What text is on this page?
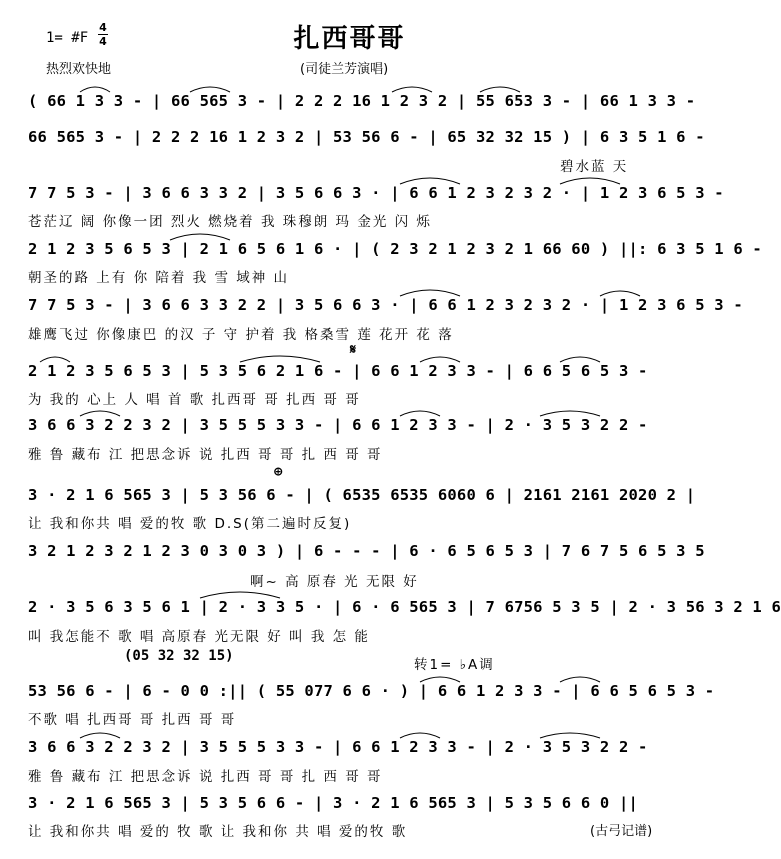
扎西哥哥
(司徒兰芳演唱)
1= #F
4
4
热烈欢快地
( 66 1 3 3 - | 66 565 3 - | 2 2 2 16 1 2 3 2 | 55 653 3 - | 66 1 3 3 -
66 565 3 - | 2 2 2 16 1 2 3 2 | 53 56 6 - | 65 32 32 15 ) | 6 3 5 1 6 -
碧水蓝 天
7 7 5 3 - | 3 6 6 3 3 2 | 3 5 6 6 3 · | 6 6 1 2 3 2 3 2 · | 1 2 3 6 5 3 -
苍茫辽 阔 你像一团 烈火 燃烧着 我 珠穆朗 玛 金光 闪 烁
2 1 2 3 5 6 5 3 | 2 1 6 5 6 1 6 · | ( 2 3 2 1 2 3 2 1 66 60 ) ||: 6 3 5 1 6 -
朝圣的路 上有 你 陪着 我 雪 域神 山
7 7 5 3 - | 3 6 6 3 3 2 2 | 3 5 6 6 3 · | 6 6 1 2 3 2 3 2 · | 1 2 3 6 5 3 -
雄鹰飞过 你像康巴 的汉 子 守 护着 我 格桑雪 莲 花开 花 落
𝄋
2 1 2 3 5 6 5 3 | 5 3 5 6 2 1 6 - | 6 6 1 2 3 3 - | 6 6 5 6 5 3 -
为 我的 心上 人 唱 首 歌 扎西哥 哥 扎西 哥 哥
3 6 6 3 2 2 3 2 | 3 5 5 5 3 3 - | 6 6 1 2 3 3 - | 2 · 3 5 3 2 2 -
雅 鲁 藏布 江 把思念诉 说 扎西 哥 哥 扎 西 哥 哥
⊕
3 · 2 1 6 565 3 | 5 3 56 6 - | ( 6535 6535 6060 6 | 2161 2161 2020 2 |
让 我和你共 唱 爱的牧 歌 D.S(第二遍时反复)
3 2 1 2 3 2 1 2 3 0 3 0 3 ) | 6 - - - | 6 · 6 5 6 5 3 | 7 6 7 5 6 5 3 5
啊~ 高 原春 光 无限 好
2 · 3 5 6 3 5 6 1 | 2 · 3 3 5 · | 6 · 6 565 3 | 7 6756 5 3 5 | 2 · 3 56 3 2 1 6
叫 我怎能不 歌 唱 高原春 光无限 好 叫 我 怎 能
(05 32 32 15)
转1= ♭A调
53 56 6 - | 6 - 0 0 :|| ( 55 077 6 6 · ) | 6 6 1 2 3 3 - | 6 6 5 6 5 3 -
不歌 唱 扎西哥 哥 扎西 哥 哥
3 6 6 3 2 2 3 2 | 3 5 5 5 3 3 - | 6 6 1 2 3 3 - | 2 · 3 5 3 2 2 -
雅 鲁 藏布 江 把思念诉 说 扎西 哥 哥 扎 西 哥 哥
3 · 2 1 6 565 3 | 5 3 5 6 6 - | 3 · 2 1 6 565 3 | 5 3 5 6 6 0 ||
让 我和你共 唱 爱的 牧 歌 让 我和你 共 唱 爱的牧 歌	(古弓记谱)
